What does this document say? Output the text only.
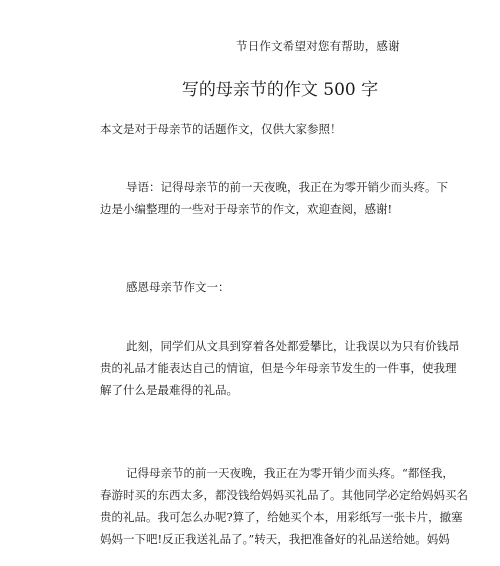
节日作文希望对您有帮助，感谢
写的母亲节的作文 500 字
本文是对于母亲节的话题作文，仅供大家参照！
导语：记得母亲节的前一天夜晚，我正在为零开销少而头疼。下
边是小编整理的一些对于母亲节的作文，欢迎查阅，感谢!
感恩母亲节作文一：
此刻，同学们从文具到穿着各处都爱攀比，让我误以为只有价钱昂
贵的礼品才能表达自己的情谊，但是今年母亲节发生的一件事，使我理
解了什么是最难得的礼品。
记得母亲节的前一天夜晚，我正在为零开销少而头疼。“都怪我，
春游时买的东西太多，都没钱给妈妈买礼品了。其他同学必定给妈妈买名
贵的礼品。我可怎么办呢?算了，给她买个本，用彩纸写一张卡片，撤塞
妈妈一下吧!反正我送礼品了。”转天，我把准备好的礼品送给她。妈妈
